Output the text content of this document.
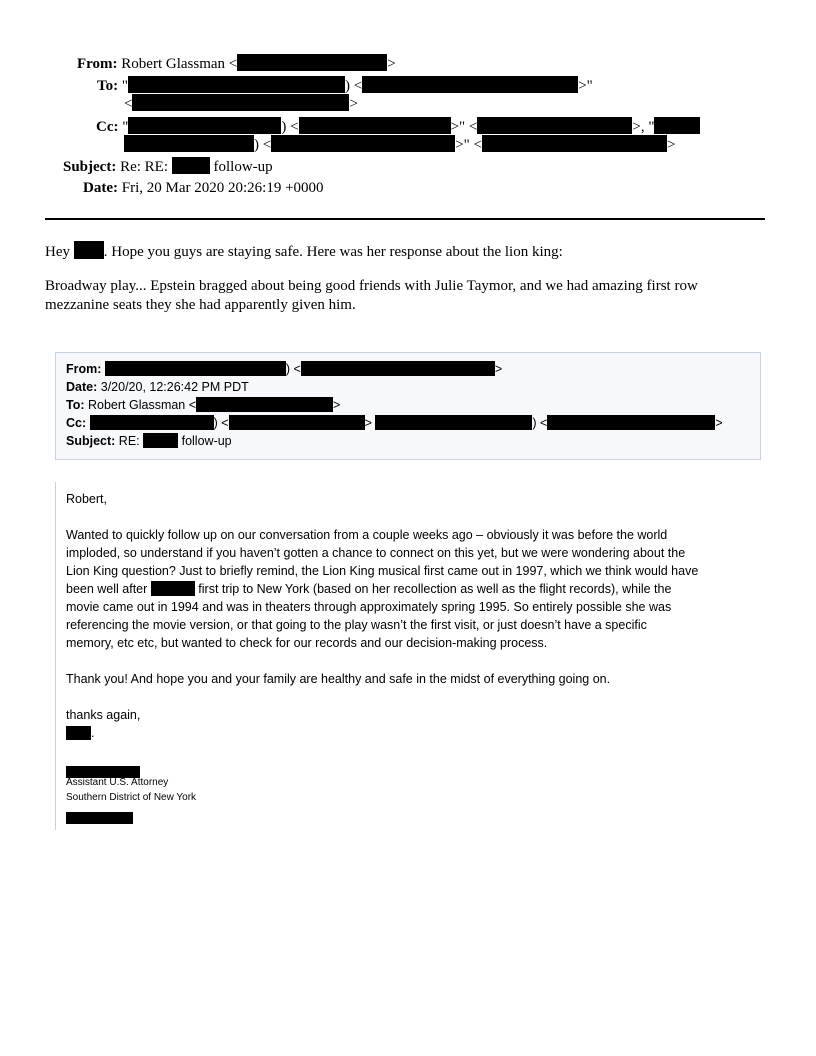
From: Robert Glassman <	>
To: "	) <	>"
<	>
Cc: "	) <	>" <	>, "
) <	>" <	>
Subject: Re: RE:	follow-up
Date: Fri, 20 Mar 2020 20:26:19 +0000
Hey . Hope you guys are staying safe. Here was her response about the lion king:
Broadway play... Epstein bragged about being good friends with Julie Taymor, and we had amazing first row mezzanine seats they she had apparently given him.
From:	) <	>
Date: 3/20/20, 12:26:42 PM PDT
To: Robert Glassman <	>
Cc:	) <	>	) <	>
Subject: RE:	follow-up
Robert,
Wanted to quickly follow up on our conversation from a couple weeks ago – obviously it was before the world
imploded, so understand if you haven’t gotten a chance to connect on this yet, but we were wondering about the
Lion King question? Just to briefly remind, the Lion King musical first came out in 1997, which we think would have
been well after	first trip to New York (based on her recollection as well as the flight records), while the
movie came out in 1994 and was in theaters through approximately spring 1995. So entirely possible she was
referencing the movie version, or that going to the play wasn’t the first visit, or just doesn’t have a specific
memory, etc etc, but wanted to check for our records and our decision-making process.
Thank you! And hope you and your family are healthy and safe in the midst of everything going on.
thanks again,
.
Assistant U.S. Attorney
Southern District of New York
